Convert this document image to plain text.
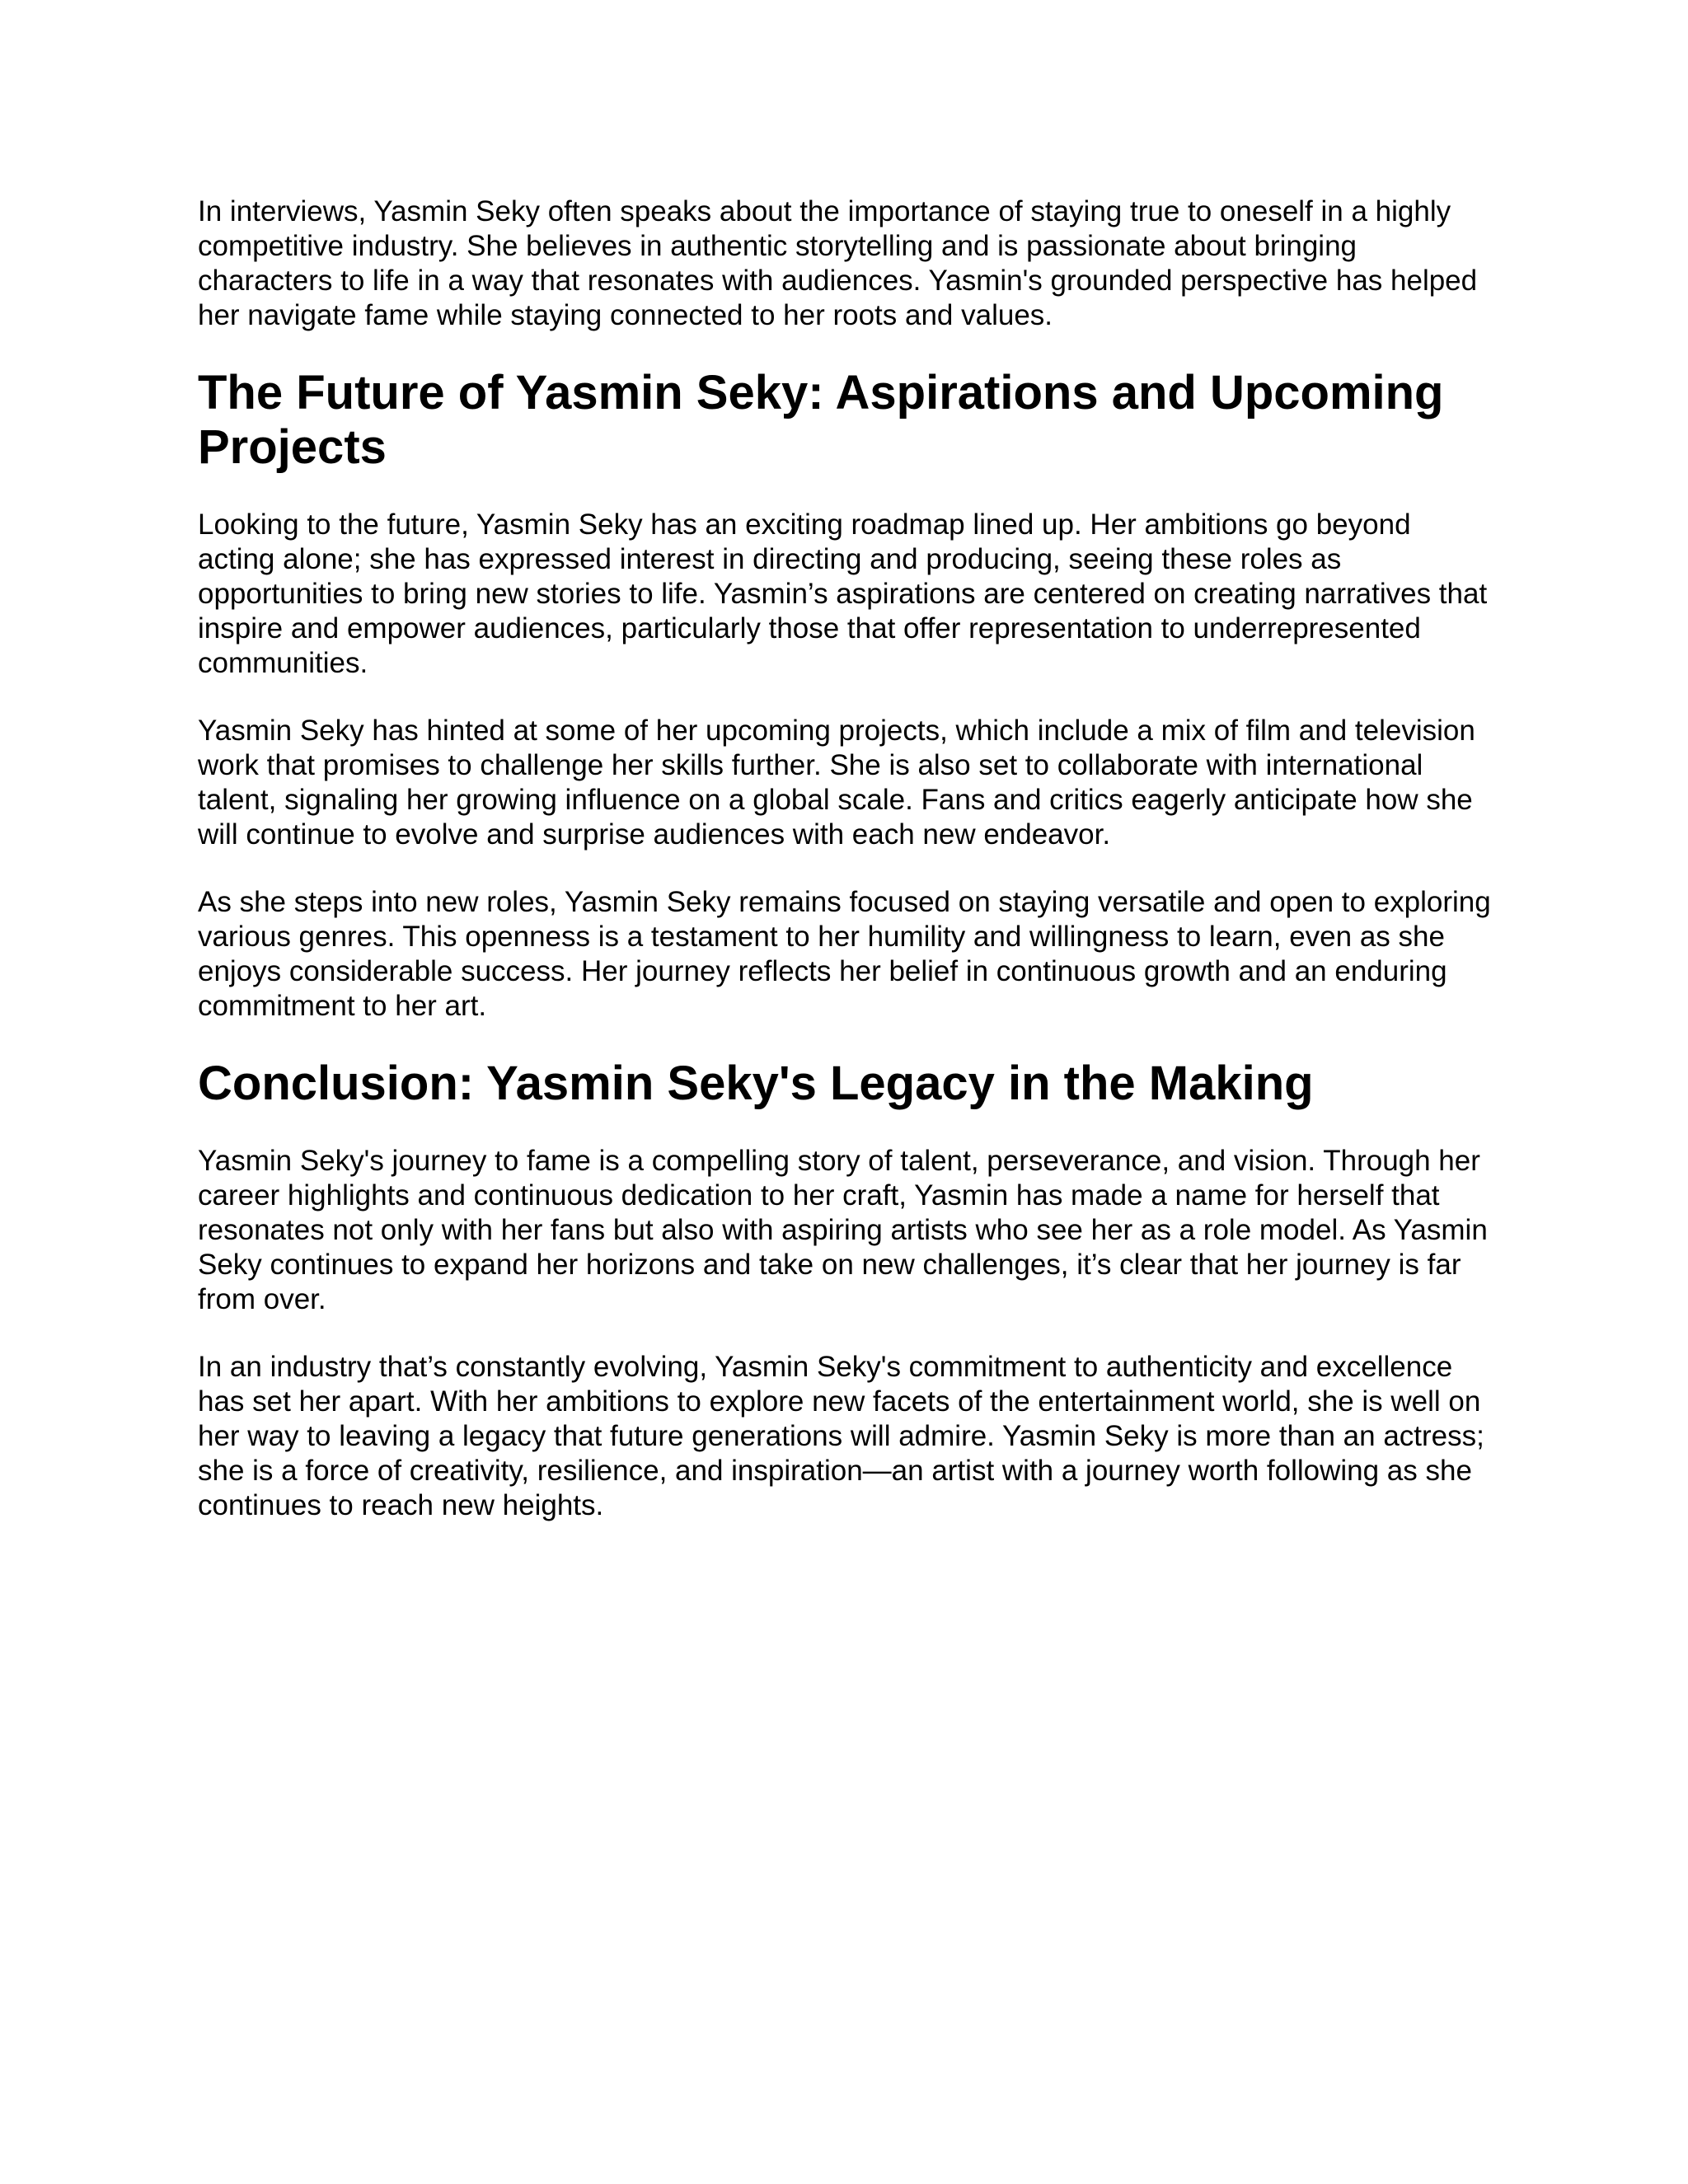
In interviews, Yasmin Seky often speaks about the importance of staying true to oneself in a highly competitive industry. She believes in authentic storytelling and is passionate about bringing characters to life in a way that resonates with audiences. Yasmin's grounded perspective has helped her navigate fame while staying connected to her roots and values.

The Future of Yasmin Seky: Aspirations and Upcoming Projects

Looking to the future, Yasmin Seky has an exciting roadmap lined up. Her ambitions go beyond acting alone; she has expressed interest in directing and producing, seeing these roles as opportunities to bring new stories to life. Yasmin’s aspirations are centered on creating narratives that inspire and empower audiences, particularly those that offer representation to underrepresented communities.

Yasmin Seky has hinted at some of her upcoming projects, which include a mix of film and television work that promises to challenge her skills further. She is also set to collaborate with international talent, signaling her growing influence on a global scale. Fans and critics eagerly anticipate how she will continue to evolve and surprise audiences with each new endeavor.

As she steps into new roles, Yasmin Seky remains focused on staying versatile and open to exploring various genres. This openness is a testament to her humility and willingness to learn, even as she enjoys considerable success. Her journey reflects her belief in continuous growth and an enduring commitment to her art.

Conclusion: Yasmin Seky's Legacy in the Making

Yasmin Seky's journey to fame is a compelling story of talent, perseverance, and vision. Through her career highlights and continuous dedication to her craft, Yasmin has made a name for herself that resonates not only with her fans but also with aspiring artists who see her as a role model. As Yasmin Seky continues to expand her horizons and take on new challenges, it’s clear that her journey is far from over.

In an industry that’s constantly evolving, Yasmin Seky's commitment to authenticity and excellence has set her apart. With her ambitions to explore new facets of the entertainment world, she is well on her way to leaving a legacy that future generations will admire. Yasmin Seky is more than an actress; she is a force of creativity, resilience, and inspiration—an artist with a journey worth following as she continues to reach new heights.
